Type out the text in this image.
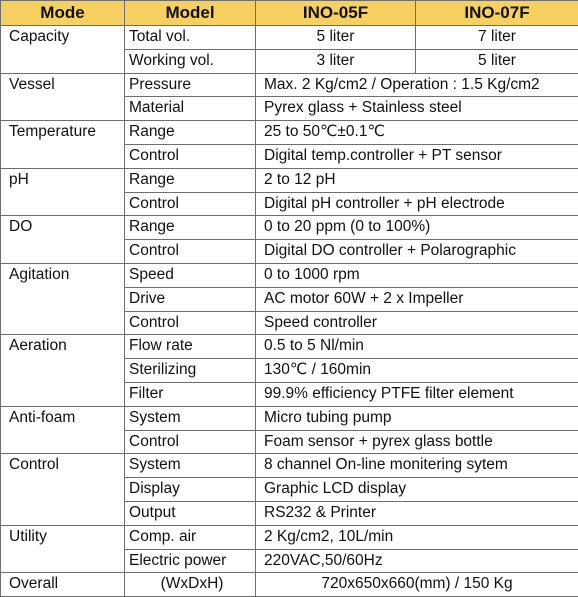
Mode	Model	INO-05F	INO-07F
Capacity	Total vol.	5 liter	7 liter
	Working vol.	3 liter	5 liter
Vessel	Pressure	Max. 2 Kg/cm2 / Operation : 1.5 Kg/cm2	
	Material	Pyrex glass + Stainless steel	
Temperature	Range	25 to 50℃±0.1℃	
	Control	Digital temp.controller + PT sensor	
pH	Range	2 to 12 pH	
	Control	Digital pH controller + pH electrode	
DO	Range	0 to 20 ppm (0 to 100%)	
	Control	Digital DO controller + Polarographic	
Agitation	Speed	0 to 1000 rpm	
	Drive	AC motor 60W + 2 x Impeller	
	Control	Speed controller	
Aeration	Flow rate	0.5 to 5 Nl/min	
	Sterilizing	130℃ / 160min	
	Filter	99.9% efficiency PTFE filter element	
Anti-foam	System	Micro tubing pump	
	Control	Foam sensor + pyrex glass bottle	
Control	System	8 channel On-line monitering sytem	
	Display	Graphic LCD display	
	Output	RS232 & Printer	
Utility	Comp. air	2 Kg/cm2, 10L/min	
	Electric power	220VAC,50/60Hz	
Overall	(WxDxH)	720x650x660(mm) / 150 Kg	
